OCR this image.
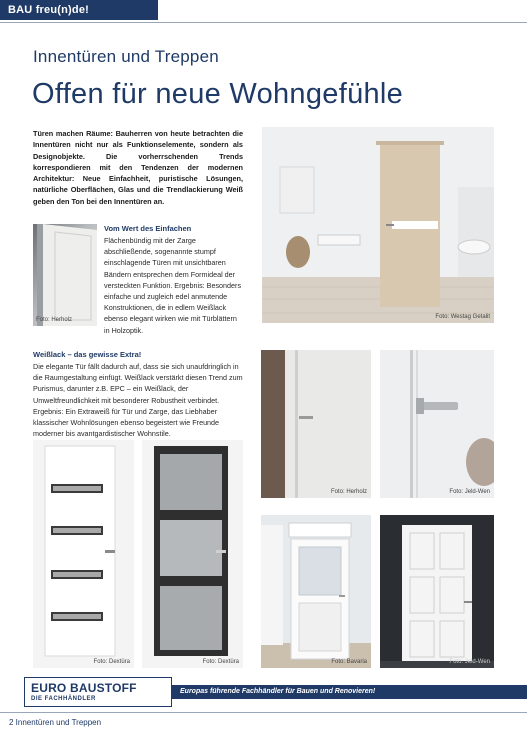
BAU freu(n)de!
Innentüren und Treppen
Offen für neue Wohngefühle

Türen machen Räume: Bauherren von heute betrachten die Innentüren nicht nur als Funktionselemente, sondern als Designobjekte. Die vorherrschenden Trends korrespondieren mit den Tendenzen der modernen Architektur: Neue Einfachheit, puristische Lösungen, natürliche Oberflächen, Glas und die Trendlackierung Weiß geben den Ton bei den Innentüren an.

Foto: Westag Getalit
Foto: Herholz
Vom Wert des Einfachen

Flächenbündig mit der Zarge abschließende, sogenannte stumpf einschlagende Türen mit unsichtbaren Bändern entsprechen dem Formideal der versteckten Funktion. Ergebnis: Besonders einfache und zugleich edel anmutende Konstruktionen, die in edlem Weißlack ebenso elegant wirken wie mit Türblättern in Holzoptik.

Weißlack – das gewisse Extra!

Die elegante Tür fällt dadurch auf, dass sie sich unaufdringlich in die Raumgestaltung einfügt. Weißlack verstärkt diesen Trend zum Purismus, darunter z.B. EPC – ein Weißlack, der Umweltfreundlichkeit mit besonderer Robustheit verbindet. Ergebnis: Ein Extraweiß für Tür und Zarge, das Liebhaber klassischer Wohnlösungen ebenso begeistert wie Freunde moderner bis avantgardistischer Wohnstile.

Foto: Dextüra	Foto: Dextüra
Foto: Herholz	Foto: Jeld-Wen
Foto: Bavaria	Foto: Jeld-Wen
EURO BAUSTOFF
DIE FACHHÄNDLER
Europas führende Fachhändler für Bauen und Renovieren!
2 Innentüren und Treppen
